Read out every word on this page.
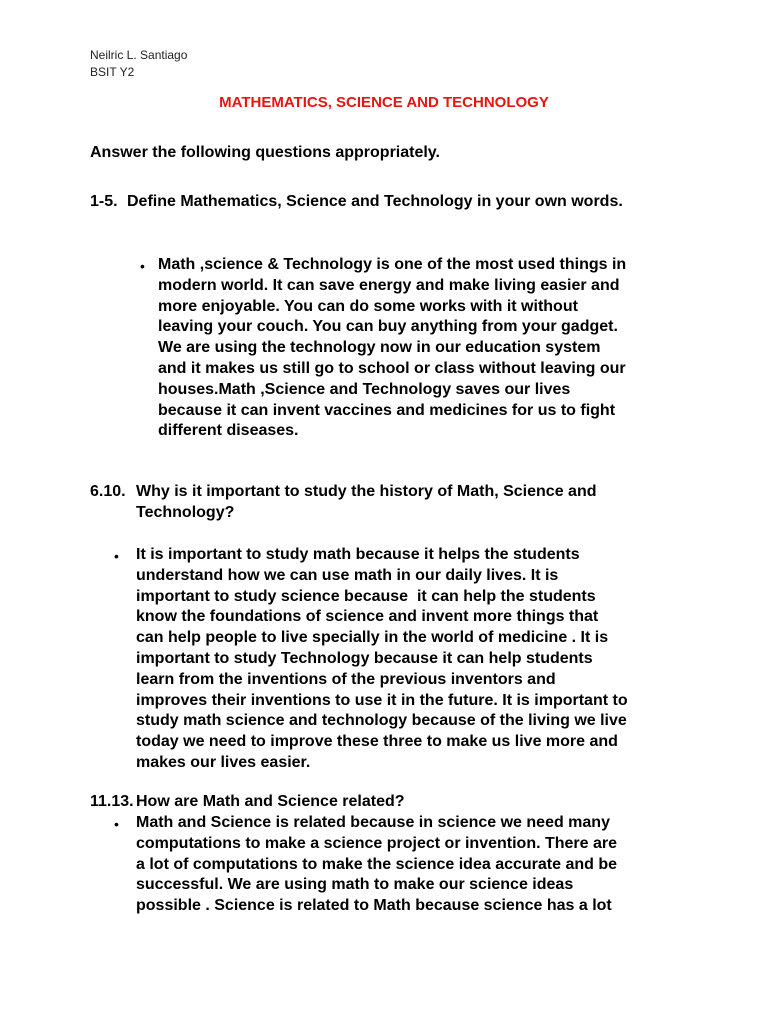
Neilric L. Santiago
BSIT Y2
MATHEMATICS, SCIENCE AND TECHNOLOGY
Answer the following questions appropriately.
1-5. Define Mathematics, Science and Technology in your own words.
• Math ,science & Technology is one of the most used things in
modern world. It can save energy and make living easier and
more enjoyable. You can do some works with it without
leaving your couch. You can buy anything from your gadget.
We are using the technology now in our education system
and it makes us still go to school or class without leaving our
houses.Math ,Science and Technology saves our lives
because it can invent vaccines and medicines for us to fight
different diseases.
6.10. Why is it important to study the history of Math, Science and
Technology?
• It is important to study math because it helps the students
understand how we can use math in our daily lives. It is
important to study science because  it can help the students
know the foundations of science and invent more things that
can help people to live specially in the world of medicine . It is
important to study Technology because it can help students
learn from the inventions of the previous inventors and
improves their inventions to use it in the future. It is important to
study math science and technology because of the living we live
today we need to improve these three to make us live more and
makes our lives easier.
11.13. How are Math and Science related?
• Math and Science is related because in science we need many
computations to make a science project or invention. There are
a lot of computations to make the science idea accurate and be
successful. We are using math to make our science ideas
possible . Science is related to Math because science has a lot
